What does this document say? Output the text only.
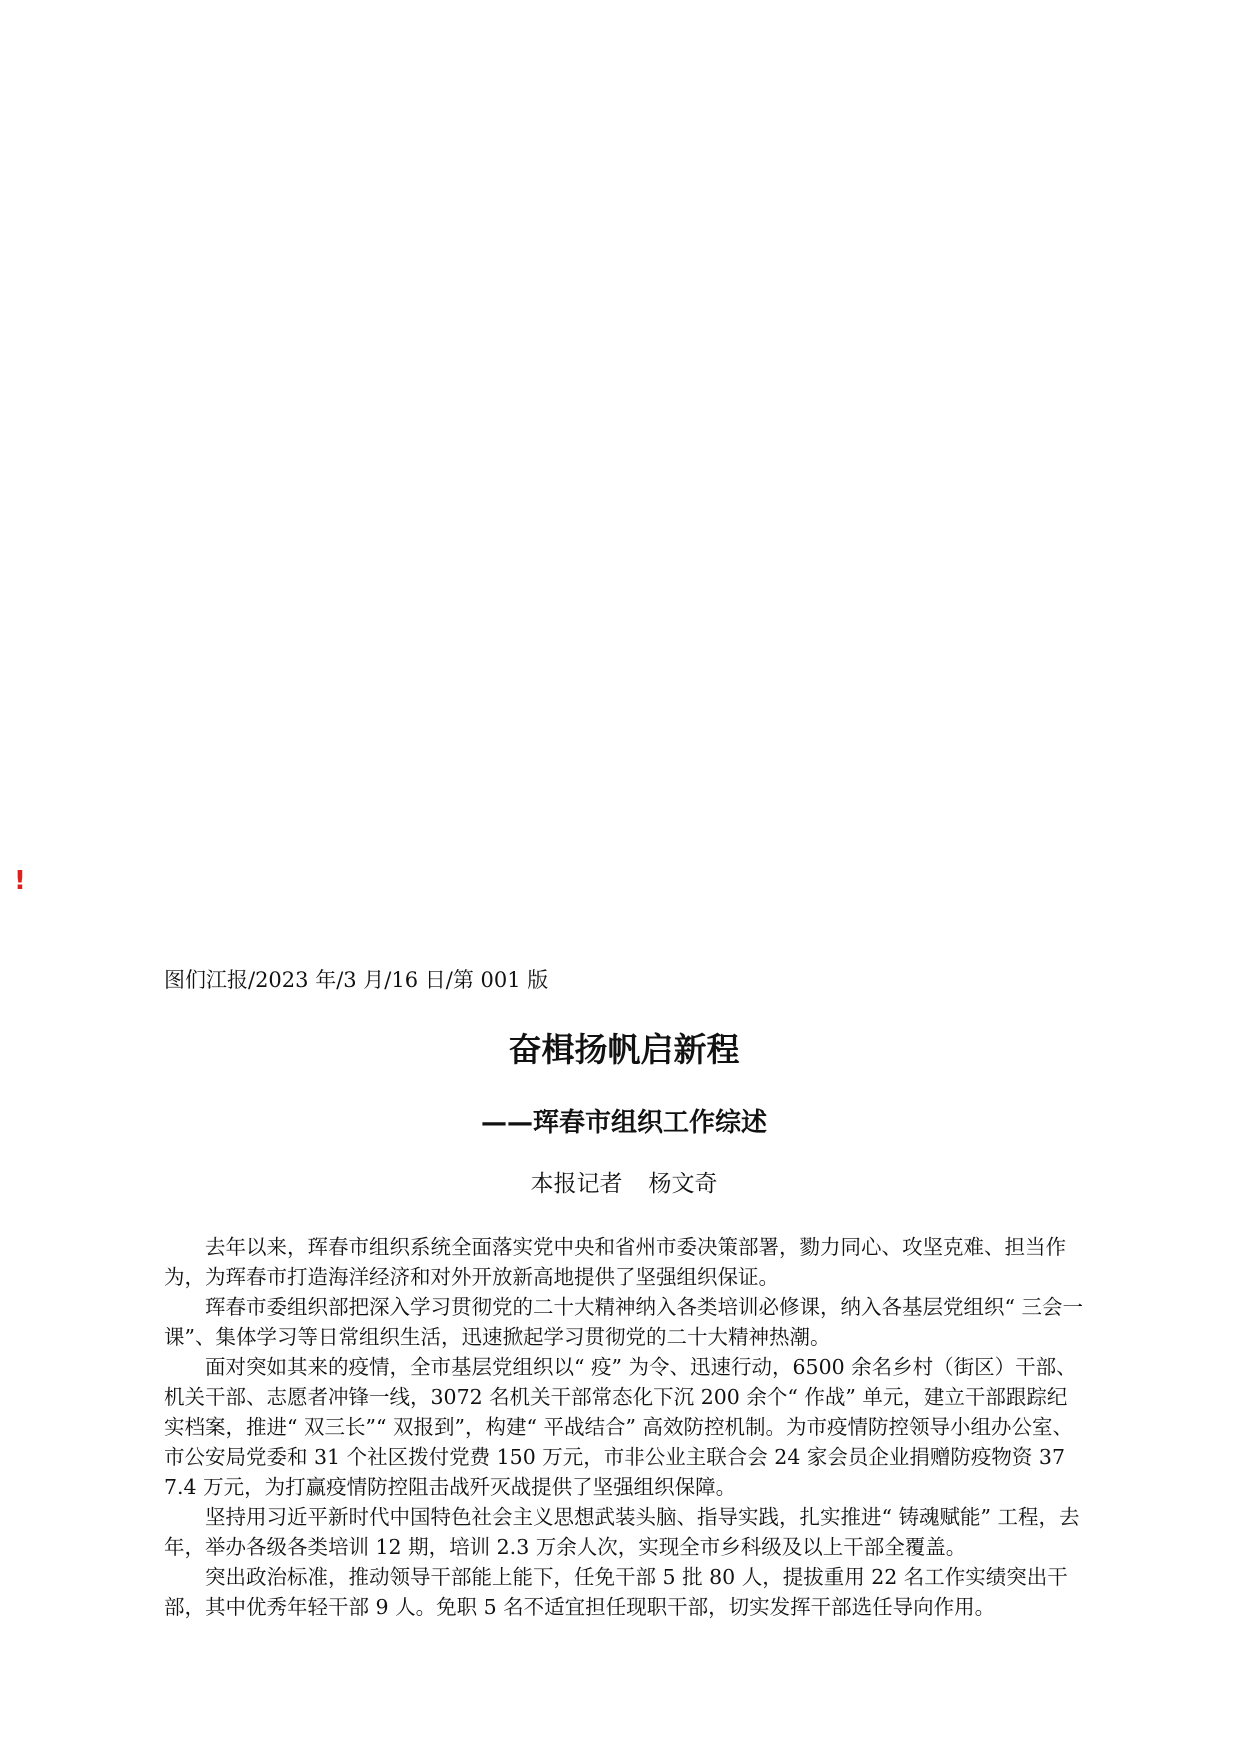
!
图们江报/2023 年/3 月/16 日/第 001 版
奋楫扬帆启新程
——珲春市组织工作综述
本报记者 杨文奇

去年以来，珲春市组织系统全面落实党中央和省州市委决策部署，勠力同心、攻坚克难、担当作为，为珲春市打造海洋经济和对外开放新高地提供了坚强组织保证。

珲春市委组织部把深入学习贯彻党的二十大精神纳入各类培训必修课，纳入各基层党组织“ 三会一课”、集体学习等日常组织生活，迅速掀起学习贯彻党的二十大精神热潮。

面对突如其来的疫情，全市基层党组织以“ 疫” 为令、迅速行动，6500 余名乡村（街区）干部、机关干部、志愿者冲锋一线，3072 名机关干部常态化下沉 200 余个“ 作战” 单元，建立干部跟踪纪实档案，推进“ 双三长”“ 双报到”，构建“ 平战结合” 高效防控机制。为市疫情防控领导小组办公室、市公安局党委和 31 个社区拨付党费 150 万元，市非公业主联合会 24 家会员企业捐赠防疫物资 377.4 万元，为打赢疫情防控阻击战歼灭战提供了坚强组织保障。

坚持用习近平新时代中国特色社会主义思想武装头脑、指导实践，扎实推进“ 铸魂赋能” 工程，去年，举办各级各类培训 12 期，培训 2.3 万余人次，实现全市乡科级及以上干部全覆盖。

突出政治标准，推动领导干部能上能下，任免干部 5 批 80 人，提拔重用 22 名工作实绩突出干部，其中优秀年轻干部 9 人。免职 5 名不适宜担任现职干部，切实发挥干部选任导向作用。
